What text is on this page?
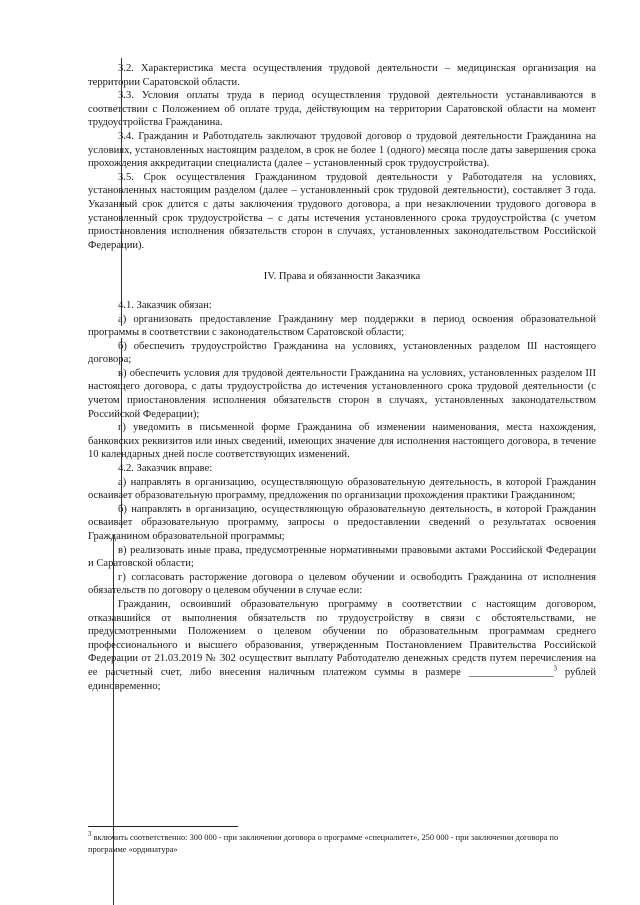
3.2. Характеристика места осуществления трудовой деятельности – медицинская организация на территории Саратовской области.

3.3. Условия оплаты труда в период осуществления трудовой деятельности устанавливаются в соответствии с Положением об оплате труда, действующим на территории Саратовской области на момент трудоустройства Гражданина.

3.4. Гражданин и Работодатель заключают трудовой договор о трудовой деятельности Гражданина на условиях, установленных настоящим разделом, в срок не более 1 (одного) месяца после даты завершения срока прохождения аккредитации специалиста (далее – установленный срок трудоустройства).

3.5. Срок осуществления Гражданином трудовой деятельности у Работодателя на условиях, установленных настоящим разделом (далее – установленный срок трудовой деятельности), составляет 3 года. Указанный срок длится с даты заключения трудового договора, а при незаключении трудового договора в установленный срок трудоустройства – с даты истечения установленного срока трудоустройства (с учетом приостановления исполнения обязательств сторон в случаях, установленных законодательством Российской Федерации).

IV. Права и обязанности Заказчика

4.1. Заказчик обязан:

а) организовать предоставление Гражданину мер поддержки в период освоения образовательной программы в соответствии с законодательством Саратовской области;

б) обеспечить трудоустройство Гражданина на условиях, установленных разделом III настоящего договора;

в) обеспечить условия для трудовой деятельности Гражданина на условиях, установленных разделом III настоящего договора, с даты трудоустройства до истечения установленного срока трудовой деятельности (с учетом приостановления исполнения обязательств сторон в случаях, установленных законодательством Российской Федерации);

г) уведомить в письменной форме Гражданина об изменении наименования, места нахождения, банковских реквизитов или иных сведений, имеющих значение для исполнения настоящего договора, в течение 10 календарных дней после соответствующих изменений.

4.2. Заказчик вправе:

а) направлять в организацию, осуществляющую образовательную деятельность, в которой Гражданин осваивает образовательную программу, предложения по организации прохождения практики Гражданином;

б) направлять в организацию, осуществляющую образовательную деятельность, в которой Гражданин осваивает образовательную программу, запросы о предоставлении сведений о результатах освоения Гражданином образовательной программы;

в) реализовать иные права, предусмотренные нормативными правовыми актами Российской Федерации и Саратовской области;

г) согласовать расторжение договора о целевом обучении и освободить Гражданина от исполнения обязательств по договору о целевом обучении в случае если:

Гражданин, освоивший образовательную программу в соответствии с настоящим договором, отказавшийся от выполнения обязательств по трудоустройству в связи с обстоятельствами, не предусмотренными Положением о целевом обучении по образовательным программам среднего профессионального и высшего образования, утвержденным Постановлением Правительства Российской Федерации от 21.03.2019 № 302 осуществит выплату Работодателю денежных средств путем перечисления на ее расчетный счет, либо внесения наличным платежом суммы в размере ________________$^3$ рублей единовременно;

$^3$ включить соответственно: 300 000 - при заключении договора о программе «специалитет», 250 000 - при заключении договора по программе «ординатура»
